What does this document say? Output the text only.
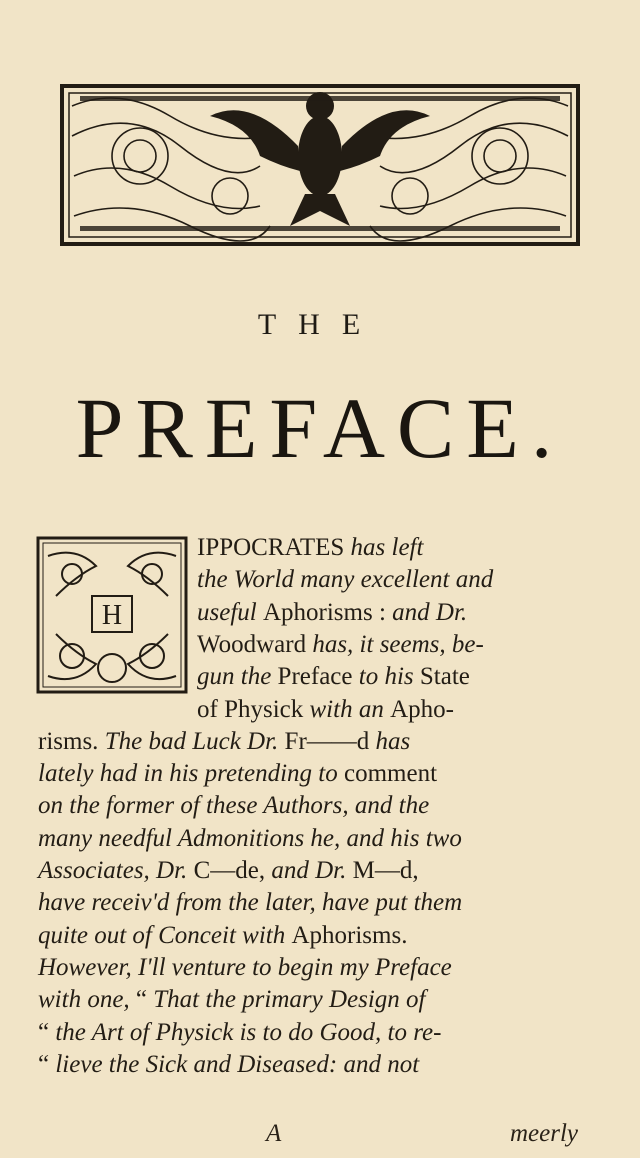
THE
PREFACE.
H
IPPOCRATES has left
the World many excellent and
useful Aphorisms : and Dr.
Woodward has, it seems, be-
gun the Preface to his State
of Physick with an Apho-
risms. The bad Luck Dr. Fr——d has
lately had in his pretending to comment
on the former of these Authors, and the
many needful Admonitions he, and his two
Associates, Dr. C—de, and Dr. M—d,
have receiv'd from the later, have put them
quite out of Conceit with Aphorisms.
However, I'll venture to begin my Preface
with one, “ That the primary Design of
“ the Art of Physick is to do Good, to re-
“ lieve the Sick and Diseased: and not
A	meerly
